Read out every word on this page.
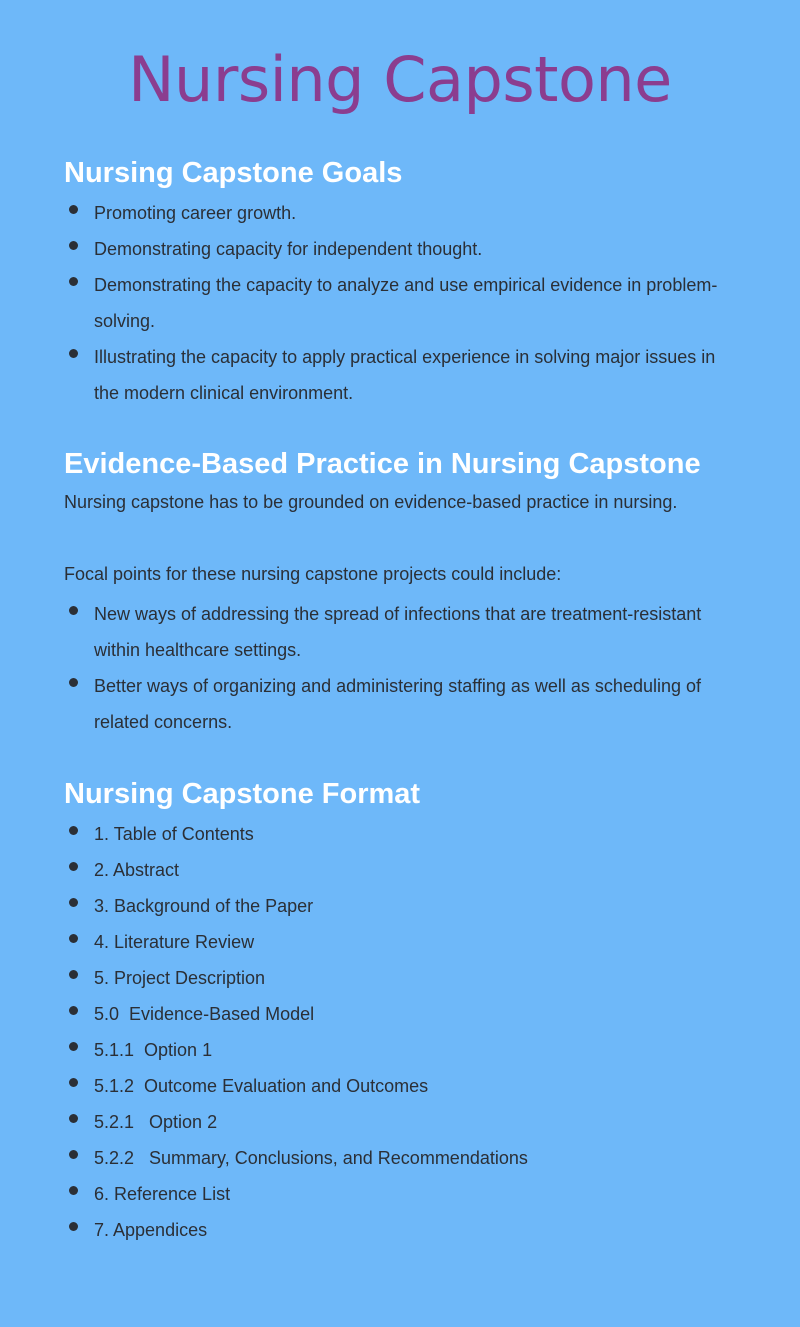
Nursing Capstone
Nursing Capstone Goals
Promoting career growth.
Demonstrating capacity for independent thought.
Demonstrating the capacity to analyze and use empirical evidence in problem-solving.
Illustrating the capacity to apply practical experience in solving major issues in the modern clinical environment.
Evidence-Based Practice in Nursing Capstone

Nursing capstone has to be grounded on evidence-based practice in nursing.

Focal points for these nursing capstone projects could include:

New ways of addressing the spread of infections that are treatment-resistant within healthcare settings.
Better ways of organizing and administering staffing as well as scheduling of related concerns.
Nursing Capstone Format
1. Table of Contents
2. Abstract
3. Background of the Paper
4. Literature Review
5. Project Description
5.0  Evidence-Based Model
5.1.1  Option 1
5.1.2  Outcome Evaluation and Outcomes
5.2.1   Option 2
5.2.2   Summary, Conclusions, and Recommendations
6. Reference List
7. Appendices
